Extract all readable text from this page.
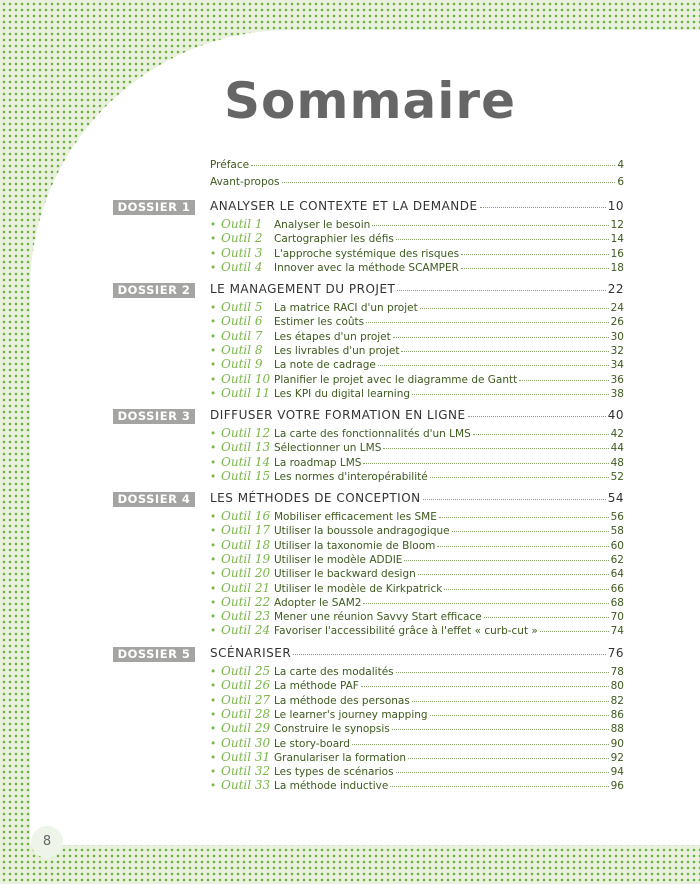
Sommaire
Préface	4
Avant-propos	6
DOSSIER 1	ANALYSER LE CONTEXTE ET LA DEMANDE	10
• Outil 1	Analyser le besoin	12
• Outil 2	Cartographier les défis	14
• Outil 3	L'approche systémique des risques	16
• Outil 4	Innover avec la méthode SCAMPER	18
DOSSIER 2	LE MANAGEMENT DU PROJET	22
• Outil 5	La matrice RACI d'un projet	24
• Outil 6	Estimer les coûts	26
• Outil 7	Les étapes d'un projet	30
• Outil 8	Les livrables d'un projet	32
• Outil 9	La note de cadrage	34
• Outil 10 Planifier le projet avec le diagramme de Gantt	36
• Outil 11 Les KPI du digital learning	38
DOSSIER 3	DIFFUSER VOTRE FORMATION EN LIGNE	40
• Outil 12 La carte des fonctionnalités d'un LMS	42
• Outil 13 Sélectionner un LMS	44
• Outil 14 La roadmap LMS	48
• Outil 15 Les normes d'interopérabilité	52
DOSSIER 4	LES MÉTHODES DE CONCEPTION	54
• Outil 16 Mobiliser efficacement les SME	56
• Outil 17 Utiliser la boussole andragogique	58
• Outil 18 Utiliser la taxonomie de Bloom	60
• Outil 19 Utiliser le modèle ADDIE	62
• Outil 20 Utiliser le backward design	64
• Outil 21 Utiliser le modèle de Kirkpatrick	66
• Outil 22 Adopter le SAM2	68
• Outil 23 Mener une réunion Savvy Start efficace	70
• Outil 24 Favoriser l'accessibilité grâce à l'effet « curb-cut »	74
DOSSIER 5	SCÉNARISER	76
• Outil 25 La carte des modalités	78
• Outil 26 La méthode PAF	80
• Outil 27 La méthode des personas	82
• Outil 28 Le learner's journey mapping	86
• Outil 29 Construire le synopsis	88
• Outil 30 Le story-board	90
• Outil 31 Granulariser la formation	92
• Outil 32 Les types de scénarios	94
• Outil 33 La méthode inductive	96
8
